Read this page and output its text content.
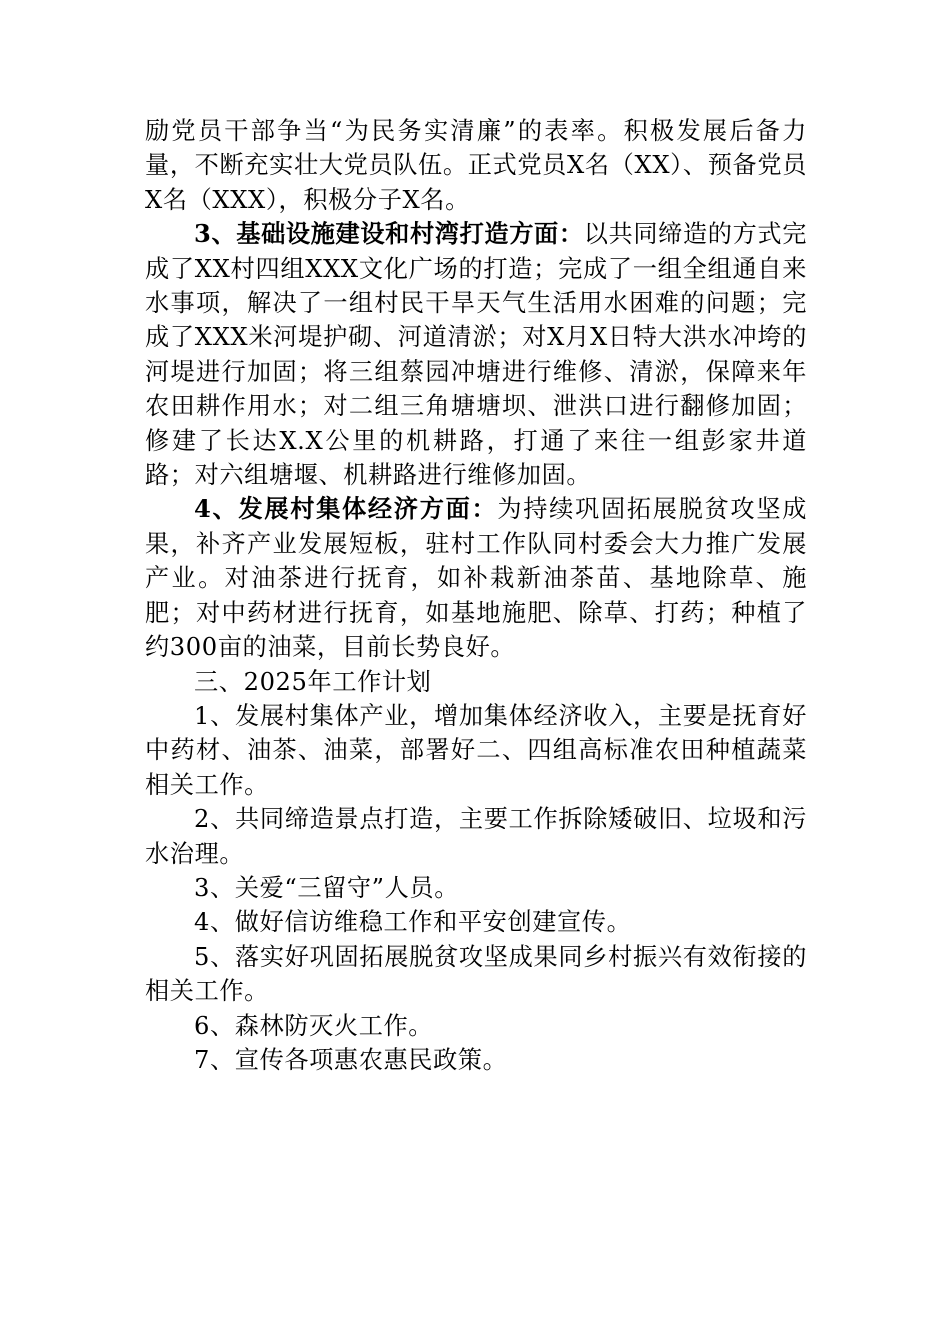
励党员干部争当“为民务实清廉”的表率。积极发展后备力量，不断充实壮大党员队伍。正式党员X名（XX）、预备党员X名（XXX），积极分子X名。

3、基础设施建设和村湾打造方面：以共同缔造的方式完成了XX村四组XXX文化广场的打造；完成了一组全组通自来水事项，解决了一组村民干旱天气生活用水困难的问题；完成了XXX米河堤护砌、河道清淤；对X月X日特大洪水冲垮的河堤进行加固；将三组蔡园冲塘进行维修、清淤，保障来年农田耕作用水；对二组三角塘塘坝、泄洪口进行翻修加固；修建了长达X.X公里的机耕路，打通了来往一组彭家井道路；对六组塘堰、机耕路进行维修加固。

4、发展村集体经济方面：为持续巩固拓展脱贫攻坚成果，补齐产业发展短板，驻村工作队同村委会大力推广发展产业。对油茶进行抚育，如补栽新油茶苗、基地除草、施肥；对中药材进行抚育，如基地施肥、除草、打药；种植了约300亩的油菜，目前长势良好。

三、2025年工作计划

1、发展村集体产业，增加集体经济收入，主要是抚育好中药材、油茶、油菜，部署好二、四组高标准农田种植蔬菜相关工作。

2、共同缔造景点打造，主要工作拆除矮破旧、垃圾和污水治理。

3、关爱“三留守”人员。

4、做好信访维稳工作和平安创建宣传。

5、落实好巩固拓展脱贫攻坚成果同乡村振兴有效衔接的相关工作。

6、森林防灭火工作。

7、宣传各项惠农惠民政策。
